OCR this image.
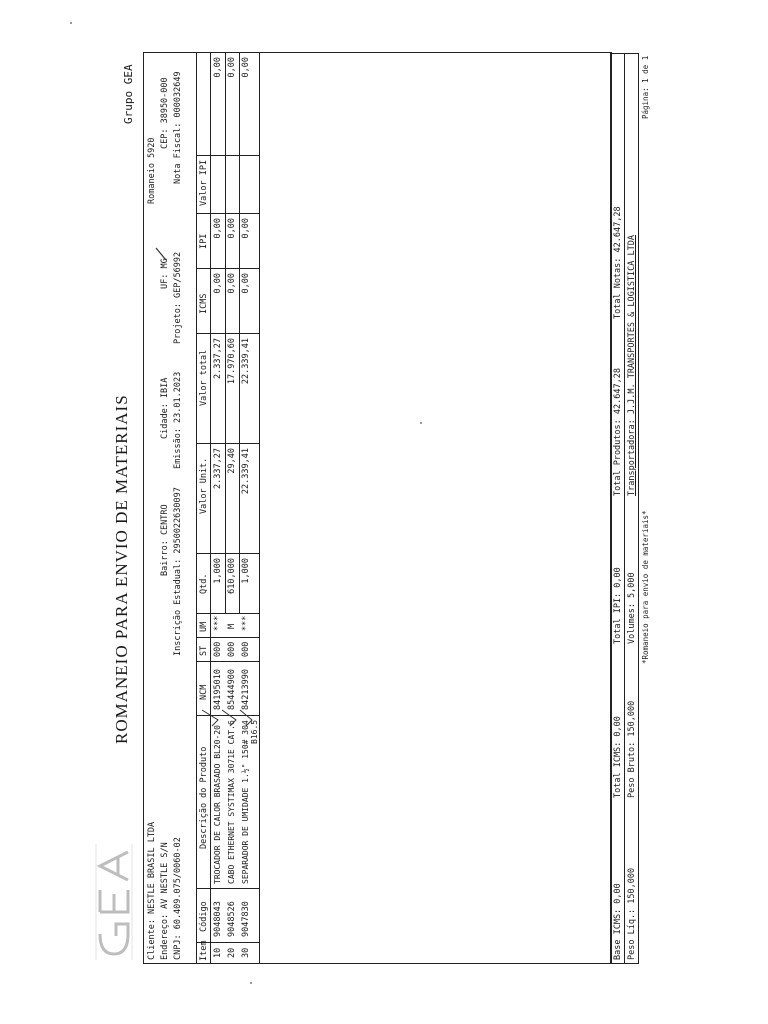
ROMANEIO PARA ENVIO DE MATERIAIS
Grupo GEA
Cliente: NESTLE BRASIL LTDA Endereço: AV NESTLE S/N CNPJ: 60.409.075/0060-02
Bairro: CENTRO Inscrição Estadual: 2950022630097
Cidade: IBIA Emissão: 23.01.2023
UF: MG Projeto: GEP/56992
Romaneio 5920
CEP: 38950-000 Nota Fiscal: 000032649
Item
Código
Descrição do Produto
NCM
ST
UM
Qtd.
Valor Unit.
Valor total
ICMS
IPI
Valor IPI
10
9048043
TROCADOR DE CALOR BRASADO BL20-20
84195010
000
***
1,000
2.337,27
2.337,27
0,00
0,00
0,00
20
9048526
CABO ETHERNET SYSTIMAX 3071E CAT.6
85444900
000
M
610,000
29,40
17.970,60
0,00
0,00
0,00
30
9047830
SEPARADOR DE UMIDADE 1.½" 150# 304 B16.5
84213990
000
***
1,000
22.339,41
22.339,41
0,00
0,00
0,00
Base ICMS: 0,00
Total ICMS: 0,00
Total IPI: 0,00
Total Produtos: 42.647,28
Total Notas: 42.647,28
Peso Líq.: 150,000
Peso Bruto: 150,000
Volumes: 5,000
Transportadora: J.J.M. TRANSPORTES & LOGISTICA LTDA
*Romaneio para envio de materiais*
Página: 1 de 1
